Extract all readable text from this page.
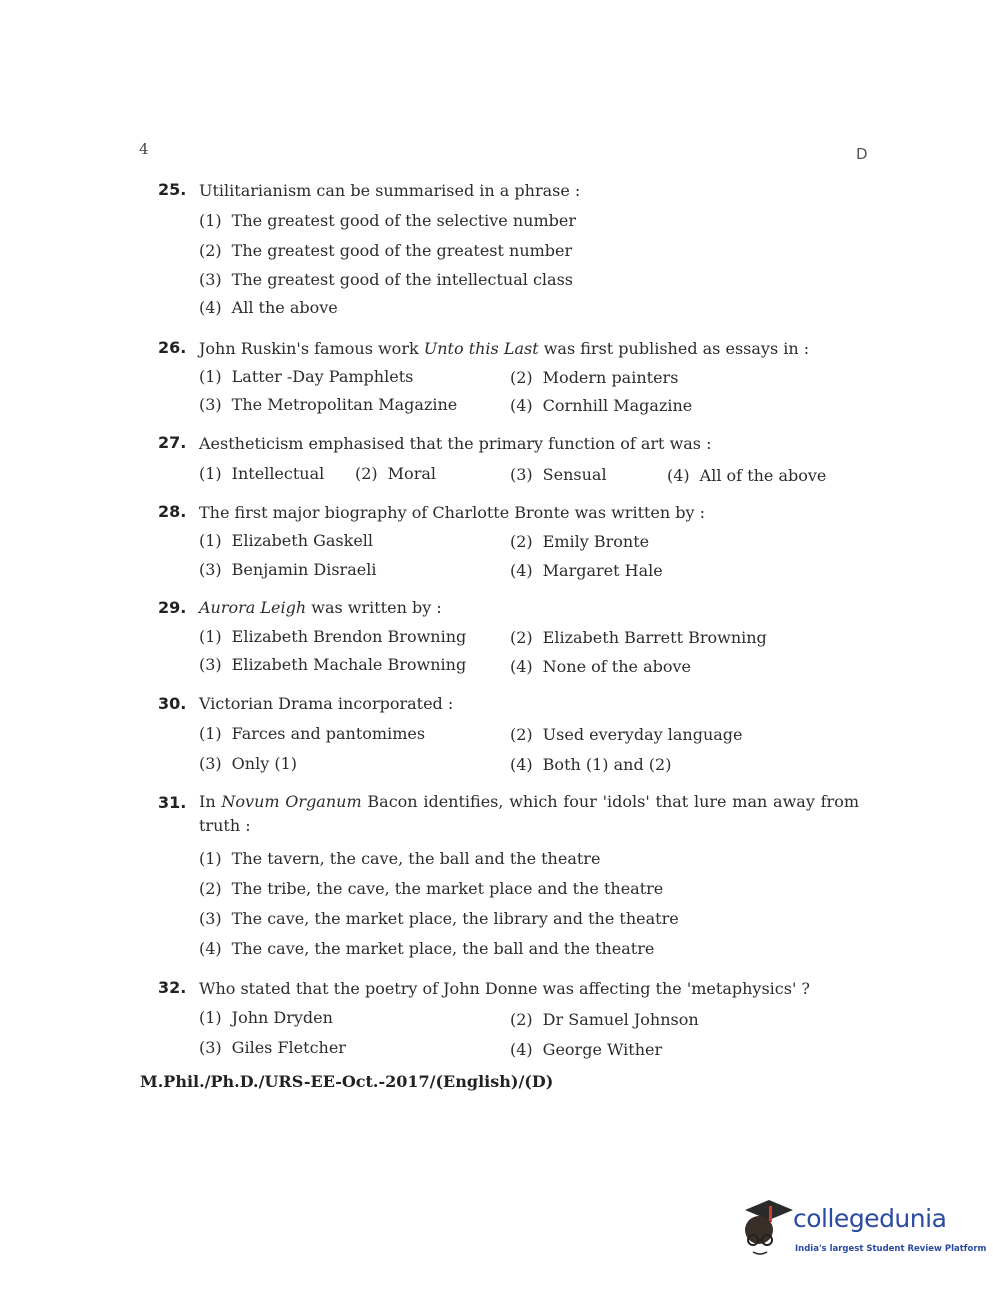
4	D
25. Utilitarianism can be summarised in a phrase :
(1) The greatest good of the selective number
(2) The greatest good of the greatest number
(3) The greatest good of the intellectual class
(4) All the above
26. John Ruskin's famous work Unto this Last was first published as essays in :
(1) Latter -Day Pamphlets	(2) Modern painters
(3) The Metropolitan Magazine	(4) Cornhill Magazine
27. Aestheticism emphasised that the primary function of art was :
(1) Intellectual (2) Moral	(3) Sensual	(4) All of the above
28. The first major biography of Charlotte Bronte was written by :
(1) Elizabeth Gaskell	(2) Emily Bronte
(3) Benjamin Disraeli	(4) Margaret Hale
29. Aurora Leigh was written by :
(1) Elizabeth Brendon Browning	(2) Elizabeth Barrett Browning
(3) Elizabeth Machale Browning	(4) None of the above
30. Victorian Drama incorporated :
(1) Farces and pantomimes	(2) Used everyday language
(3) Only (1)	(4) Both (1) and (2)
31. In Novum Organum Bacon identifies, which four 'idols' that lure man away from truth :
(1) The tavern, the cave, the ball and the theatre
(2) The tribe, the cave, the market place and the theatre
(3) The cave, the market place, the library and the theatre
(4) The cave, the market place, the ball and the theatre
32. Who stated that the poetry of John Donne was affecting the 'metaphysics' ?
(1) John Dryden	(2) Dr Samuel Johnson
(3) Giles Fletcher	(4) George Wither
M.Phil./Ph.D./URS-EE-Oct.-2017/(English)/(D)
collegedunia
India's largest Student Review Platform
